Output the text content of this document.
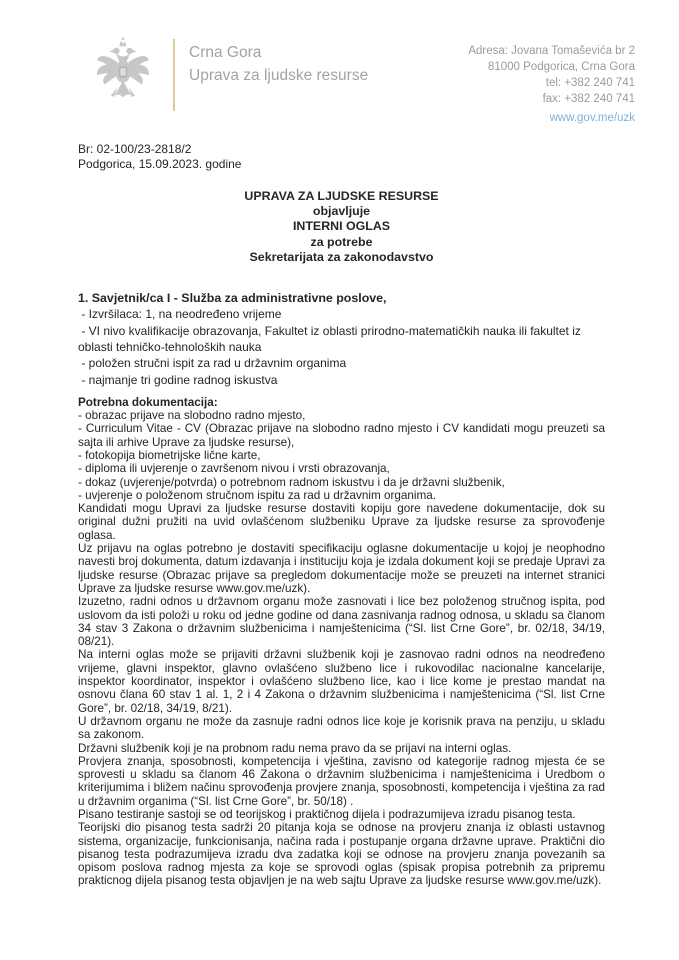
Crna Gora
Uprava za ljudske resurse
Adresa: Jovana Tomaševića br 2
81000 Podgorica, Crna Gora
tel: +382 240 741
fax: +382 240 741
www.gov.me/uzk
Br: 02-100/23-2818/2
Podgorica, 15.09.2023. godine
UPRAVA ZA LJUDSKE RESURSE
objavljuje
INTERNI OGLAS
za potrebe
Sekretarijata za zakonodavstvo
1. Savjetnik/ca I - Služba za administrativne poslove,
- Izvršilaca: 1, na neodređeno vrijeme
- VI nivo kvalifikacije obrazovanja, Fakultet iz oblasti prirodno-matematičkih nauka ili fakultet iz oblasti tehničko-tehnoloških nauka
- položen stručni ispit za rad u državnim organima
- najmanje tri godine radnog iskustva
Potrebna dokumentacija:

- obrazac prijave na slobodno radno mjesto,

- Curriculum Vitae - CV (Obrazac prijave na slobodno radno mjesto i CV kandidati mogu preuzeti sa sajta ili arhive Uprave za ljudske resurse),

- fotokopija biometrijske lične karte,

- diploma ili uvjerenje o završenom nivou i vrsti obrazovanja,

- dokaz (uvjerenje/potvrda) o potrebnom radnom iskustvu i da je državni službenik,

- uvjerenje o položenom stručnom ispitu za rad u državnim organima.

Kandidati mogu Upravi za ljudske resurse dostaviti kopiju gore navedene dokumentacije, dok su original dužni pružiti na uvid ovlašćenom službeniku Uprave za ljudske resurse za sprovođenje oglasa.

Uz prijavu na oglas potrebno je dostaviti specifikaciju oglasne dokumentacije u kojoj je neophodno navesti broj dokumenta, datum izdavanja i instituciju koja je izdala dokument koji se predaje Upravi za ljudske resurse (Obrazac prijave sa pregledom dokumentacije može se preuzeti na internet stranici Uprave za ljudske resurse www.gov.me/uzk).

Izuzetno, radni odnos u državnom organu može zasnovati i lice bez položenog stručnog ispita, pod uslovom da isti položi u roku od jedne godine od dana zasnivanja radnog odnosa, u skladu sa članom 34 stav 3 Zakona o državnim službenicima i namještenicima (“Sl. list Crne Gore”, br. 02/18, 34/19, 08/21).

Na interni oglas može se prijaviti državni službenik koji je zasnovao radni odnos na neodređeno vrijeme, glavni inspektor, glavno ovlašćeno službeno lice i rukovodilac nacionalne kancelarije, inspektor koordinator, inspektor i ovlašćeno službeno lice, kao i lice kome je prestao mandat na osnovu člana 60 stav 1 al. 1, 2 i 4 Zakona o državnim službenicima i namještenicima (“Sl. list Crne Gore”, br. 02/18, 34/19, 8/21).

U državnom organu ne može da zasnuje radni odnos lice koje je korisnik prava na penziju, u skladu sa zakonom.

Državni službenik koji je na probnom radu nema pravo da se prijavi na interni oglas.

Provjera znanja, sposobnosti, kompetencija i vještina, zavisno od kategorije radnog mjesta će se sprovesti u skladu sa članom 46 Zakona o državnim službenicima i namještenicima i Uredbom o kriterijumima i bližem načinu sprovođenja provjere znanja, sposobnosti, kompetencija i vještina za rad u državnim organima (“Sl. list Crne Gore”, br. 50/18) .

Pisano testiranje sastoji se od teorijskog i praktičnog dijela i podrazumijeva izradu pisanog testa.

Teorijski dio pisanog testa sadrži 20 pitanja koja se odnose na provjeru znanja iz oblasti ustavnog sistema, organizacije, funkcionisanja, načina rada i postupanje organa državne uprave. Praktični dio pisanog testa podrazumijeva izradu dva zadatka koji se odnose na provjeru znanja povezanih sa opisom poslova radnog mjesta za koje se sprovodi oglas (spisak propisa potrebnih za pripremu prakticnog dijela pisanog testa objavljen je na web sajtu Uprave za ljudske resurse www.gov.me/uzk).
